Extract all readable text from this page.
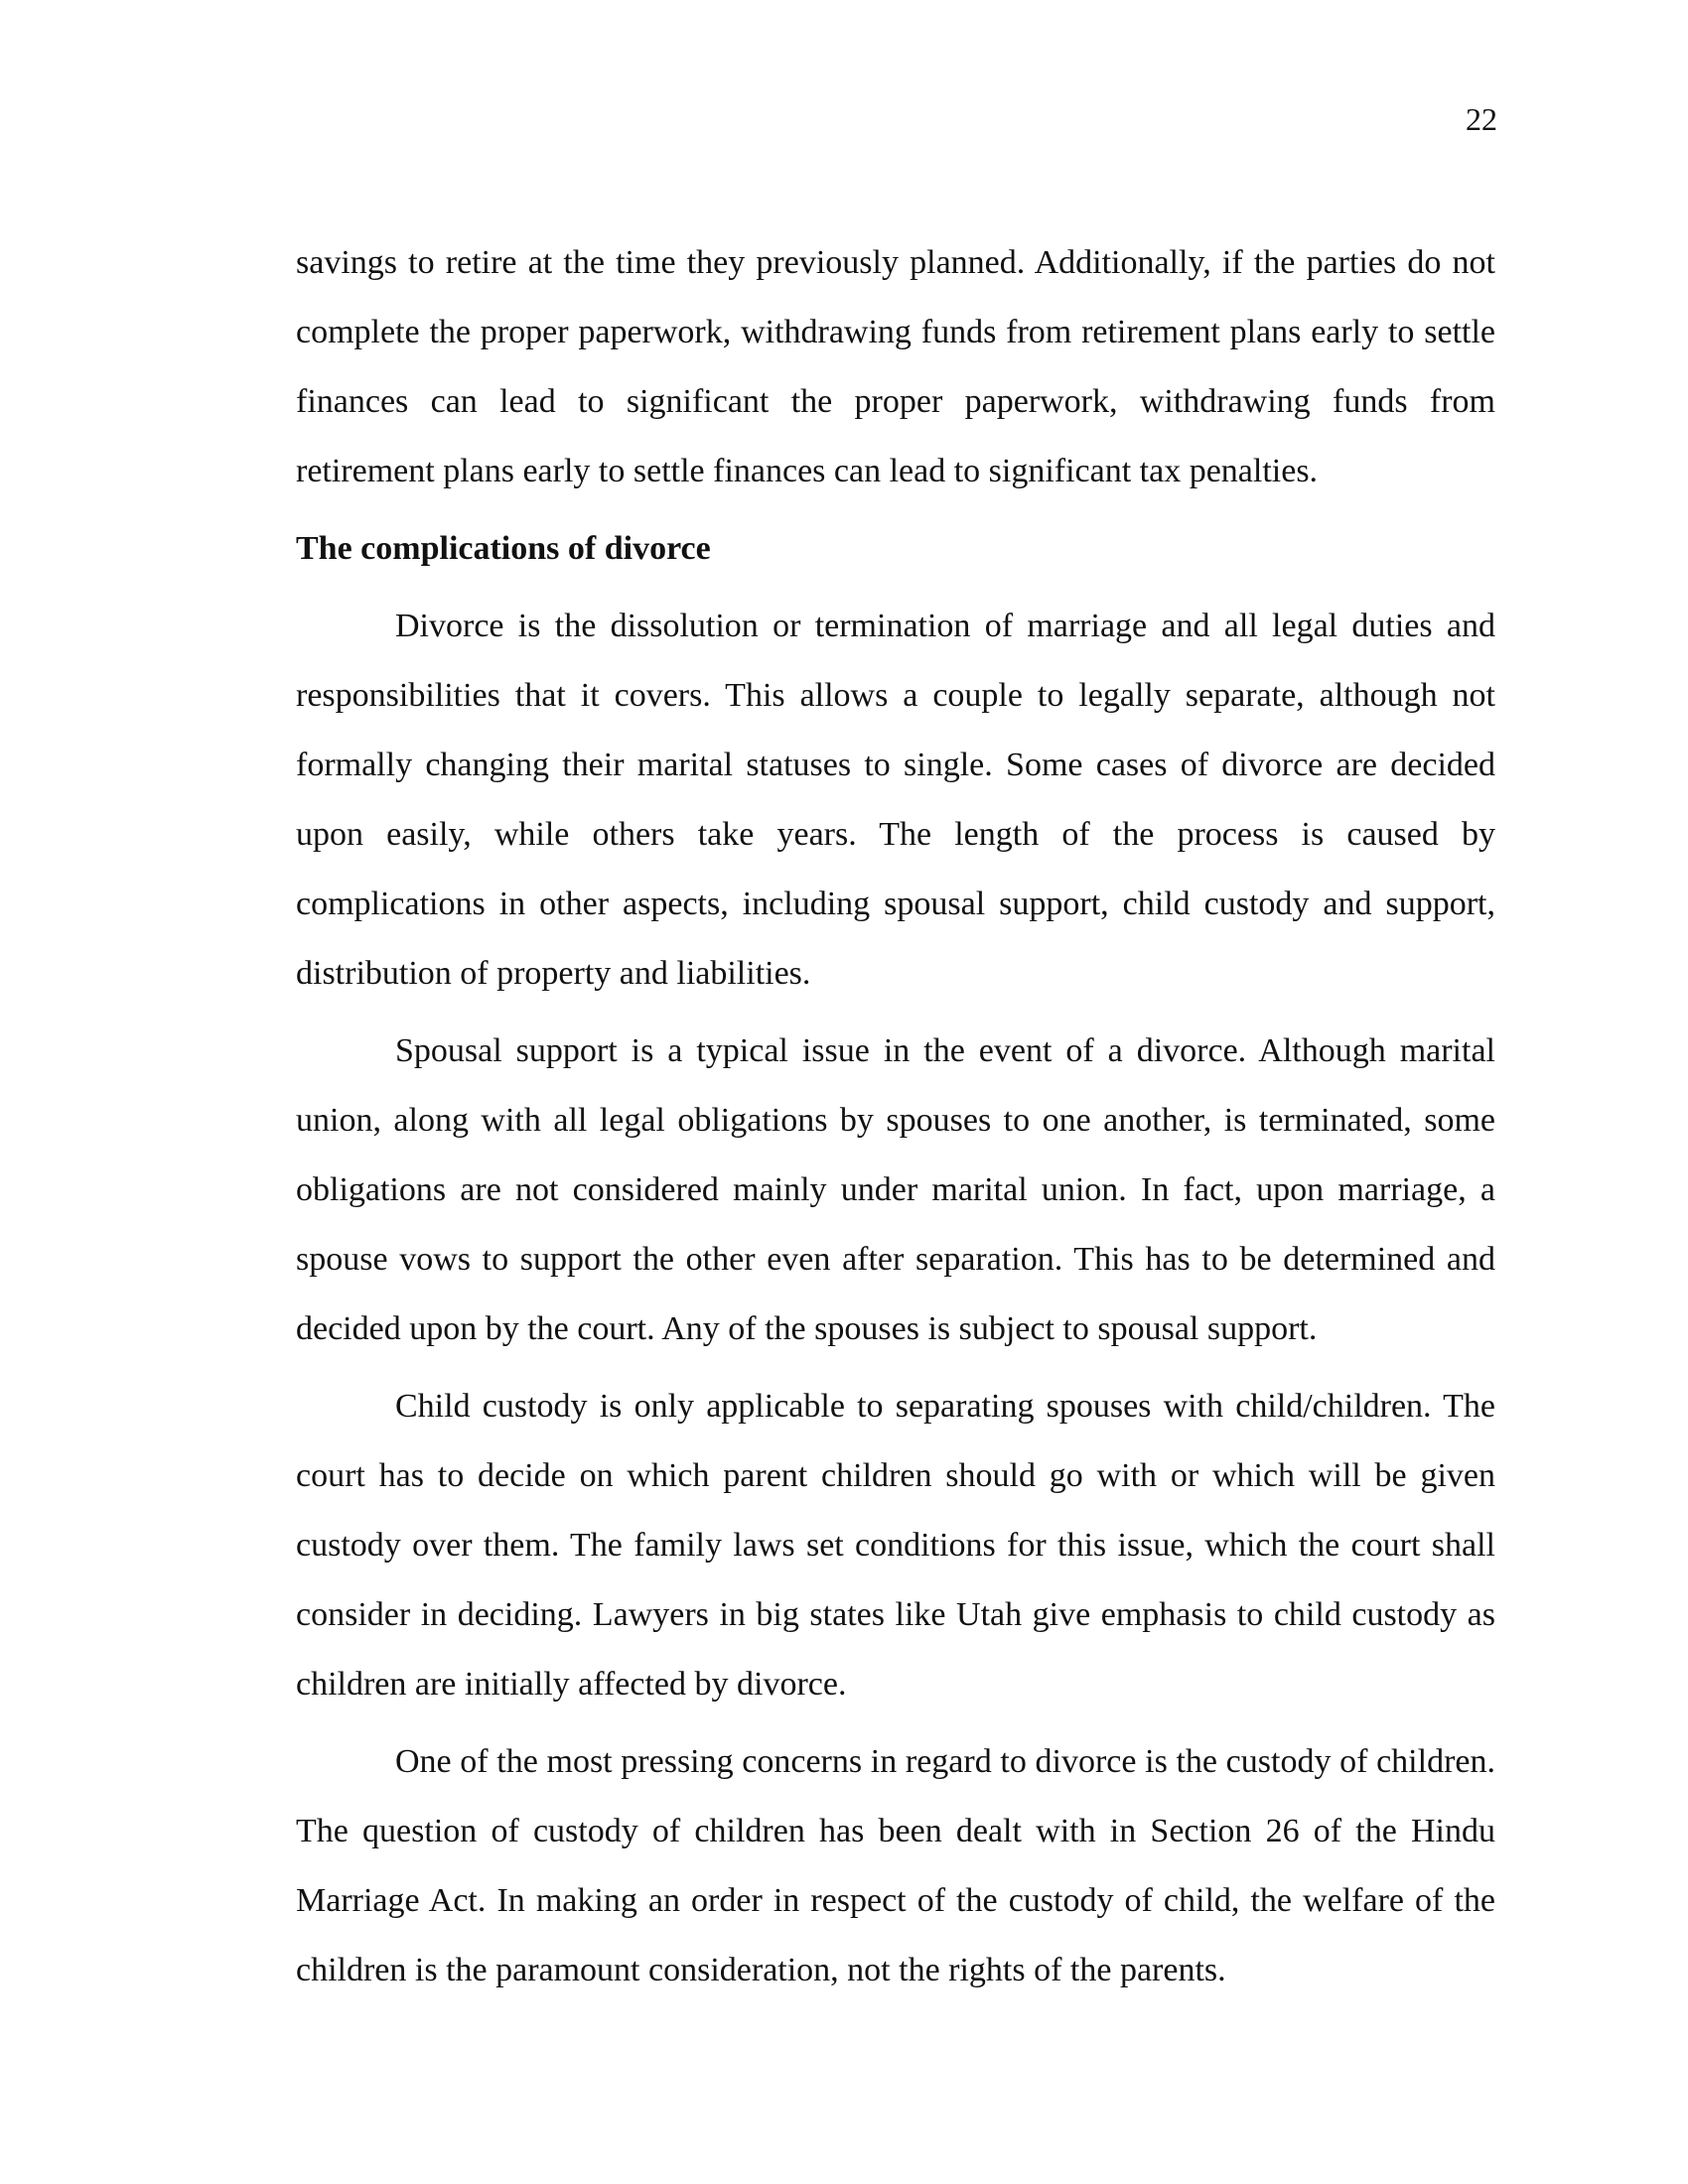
22

savings to retire at the time they previously planned. Additionally, if the parties do not complete the proper paperwork, withdrawing funds from retirement plans early to settle finances can lead to significant the proper paperwork, withdrawing funds from retirement plans early to settle finances can lead to significant tax penalties.

The complications of divorce

Divorce is the dissolution or termination of marriage and all legal duties and responsibilities that it covers. This allows a couple to legally separate, although not formally changing their marital statuses to single. Some cases of divorce are decided upon easily, while others take years. The length of the process is caused by complications in other aspects, including spousal support, child custody and support, distribution of property and liabilities.

Spousal support is a typical issue in the event of a divorce. Although marital union, along with all legal obligations by spouses to one another, is terminated, some obligations are not considered mainly under marital union. In fact, upon marriage, a spouse vows to support the other even after separation. This has to be determined and decided upon by the court. Any of the spouses is subject to spousal support.

Child custody is only applicable to separating spouses with child/children. The court has to decide on which parent children should go with or which will be given custody over them. The family laws set conditions for this issue, which the court shall consider in deciding. Lawyers in big states like Utah give emphasis to child custody as children are initially affected by divorce.

One of the most pressing concerns in regard to divorce is the custody of children. The question of custody of children has been dealt with in Section 26 of the Hindu Marriage Act. In making an order in respect of the custody of child, the welfare of the children is the paramount consideration, not the rights of the parents.
